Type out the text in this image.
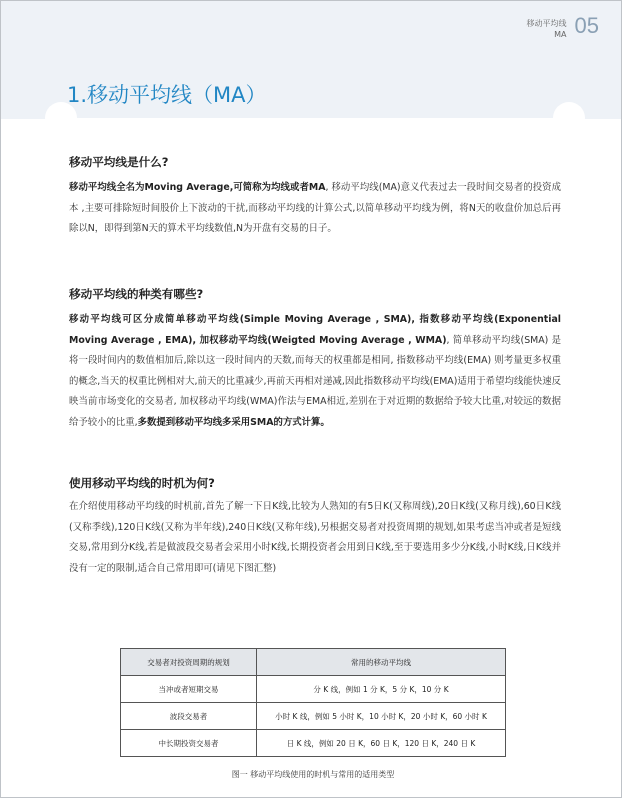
移动平均线
MA 05
1.移动平均线（MA）

移动平均线是什么?

移动平均线全名为Moving Average,可简称为均线或者MA, 移动平均线(MA)意义代表过去一段时间交易者的投资成本 ,主要可排除短时间股价上下波动的干扰,而移动平均线的计算公式,以简单移动平均线为例，将N天的收盘价加总后再除以N，即得到第N天的算术平均线数值,N为开盘有交易的日子。

移动平均线的种类有哪些?

移动平均线可区分成简单移动平均线(Simple Moving Average , SMA), 指数移动平均线(Exponential Moving Average , EMA), 加权移动平均线(Weigted Moving Average , WMA), 简单移动平均线(SMA) 是将一段时间内的数值相加后,除以这一段时间内的天数,而每天的权重都是相同, 指数移动平均线(EMA) 则考量更多权重的概念,当天的权重比例相对大,前天的比重减少,再前天再相对递减,因此指数移动平均线(EMA)适用于希望均线能快速反映当前市场变化的交易者, 加权移动平均线(WMA)作法与EMA相近,差别在于对近期的数据给予较大比重,对较远的数据给予较小的比重,多数提到移动平均线多采用SMA的方式计算。

使用移动平均线的时机为何?

在介绍使用移动平均线的时机前,首先了解一下日K线,比较为人熟知的有5日K(又称周线),20日K线(又称月线),60日K线(又称季线),120日K线(又称为半年线),240日K线(又称年线),另根据交易者对投资周期的规划,如果考虑当冲或者是短线交易,常用到分K线,若是做波段交易者会采用小时K线,长期投资者会用到日K线,至于要选用多少分K线,小时K线,日K线并没有一定的限制,适合自己常用即可(请见下图汇整)

交易者对投资周期的规划	常用的移动平均线
当冲或者短期交易	分 K 线，例如 1 分 K，5 分 K，10 分 K
波段交易者	小时 K 线，例如 5 小时 K，10 小时 K，20 小时 K，60 小时 K
中长期投资交易者	日 K 线，例如 20 日 K，60 日 K，120 日 K，240 日 K
图一 移动平均线使用的时机与常用的适用类型
